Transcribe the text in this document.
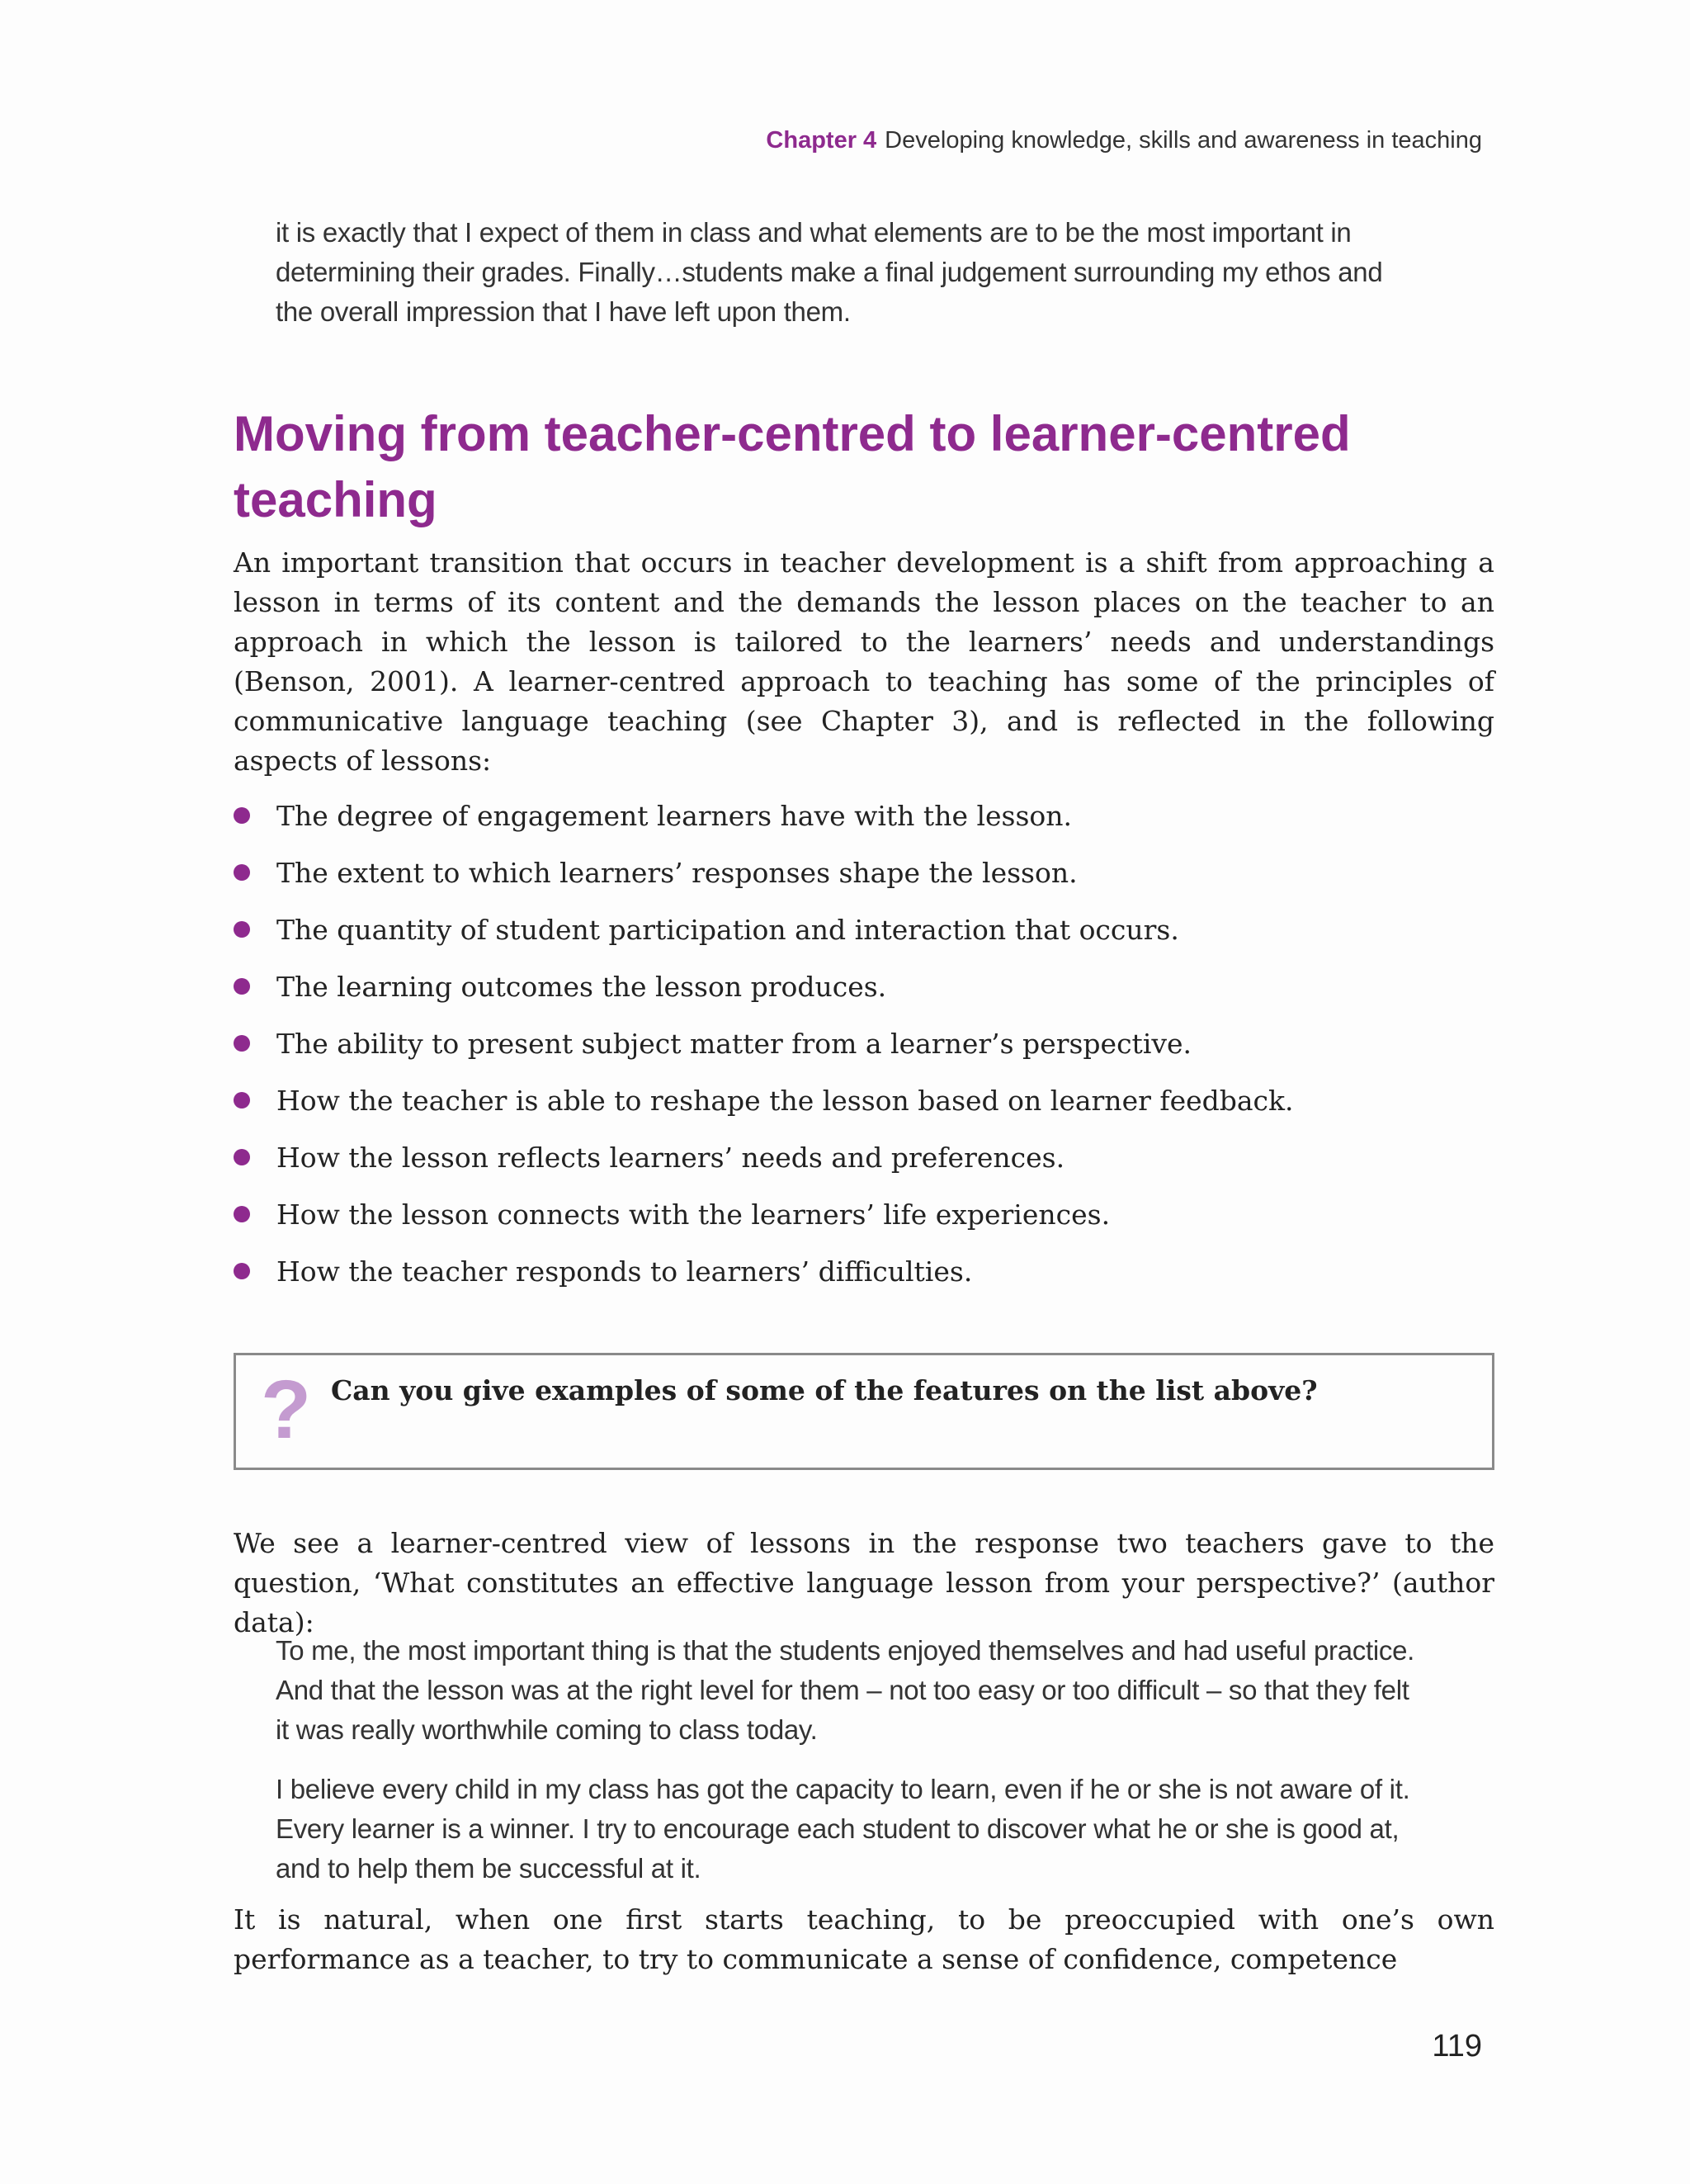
Chapter 4 Developing knowledge, skills and awareness in teaching
it is exactly that I expect of them in class and what elements are to be the most important in
determining their grades. Finally…students make a final judgement surrounding my ethos and
the overall impression that I have left upon them.
Moving from teacher-centred to learner-centred
teaching

An important transition that occurs in teacher development is a shift from approaching a lesson in terms of its content and the demands the lesson places on the teacher to an approach in which the lesson is tailored to the learners’ needs and understandings (Benson, 2001). A learner-centred approach to teaching has some of the principles of communicative language teaching (see Chapter 3), and is reflected in the following aspects of lessons:

The degree of engagement learners have with the lesson.
The extent to which learners’ responses shape the lesson.
The quantity of student participation and interaction that occurs.
The learning outcomes the lesson produces.
The ability to present subject matter from a learner’s perspective.
How the teacher is able to reshape the lesson based on learner feedback.
How the lesson reflects learners’ needs and preferences.
How the lesson connects with the learners’ life experiences.
How the teacher responds to learners’ difficulties.
? Can you give examples of some of the features on the list above?

We see a learner-centred view of lessons in the response two teachers gave to the question, ‘What constitutes an effective language lesson from your perspective?’ (author data):

To me, the most important thing is that the students enjoyed themselves and had useful practice.
And that the lesson was at the right level for them – not too easy or too difficult – so that they felt
it was really worthwhile coming to class today.
I believe every child in my class has got the capacity to learn, even if he or she is not aware of it.
Every learner is a winner. I try to encourage each student to discover what he or she is good at,
and to help them be successful at it.

It is natural, when one first starts teaching, to be preoccupied with one’s own performance as a teacher, to try to communicate a sense of confidence, competence

119
